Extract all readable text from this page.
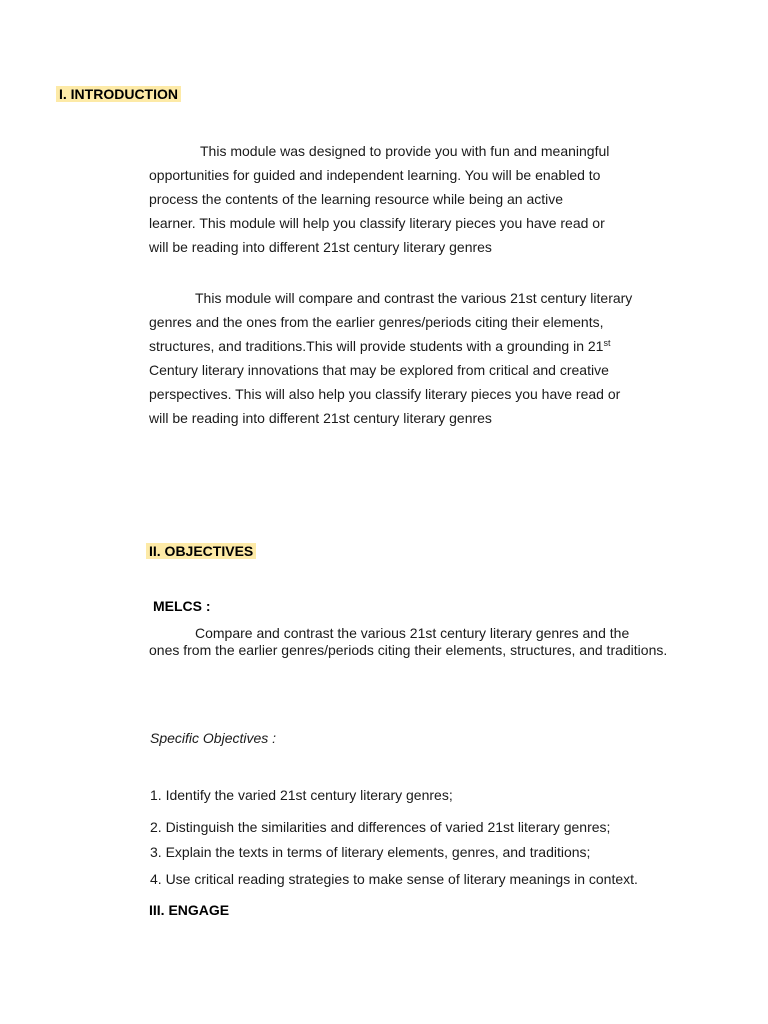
I. INTRODUCTION
This module was designed to provide you with fun and meaningful
opportunities for guided and independent learning. You will be enabled to
process the contents of the learning resource while being an active
learner. This module will help you classify literary pieces you have read or
will be reading into different 21st century literary genres
This module will compare and contrast the various 21st century literary
genres and the ones from the earlier genres/periods citing their elements,
structures, and traditions.This will provide students with a grounding in 21st
Century literary innovations that may be explored from critical and creative
perspectives. This will also help you classify literary pieces you have read or
will be reading into different 21st century literary genres
II. OBJECTIVES
MELCS :
Compare and contrast the various 21st century literary genres and the
ones from the earlier genres/periods citing their elements, structures, and traditions.
Specific Objectives :
1. Identify the varied 21st century literary genres;
2. Distinguish the similarities and differences of varied 21st literary genres;
3. Explain the texts in terms of literary elements, genres, and traditions;
4. Use critical reading strategies to make sense of literary meanings in context.
III. ENGAGE
